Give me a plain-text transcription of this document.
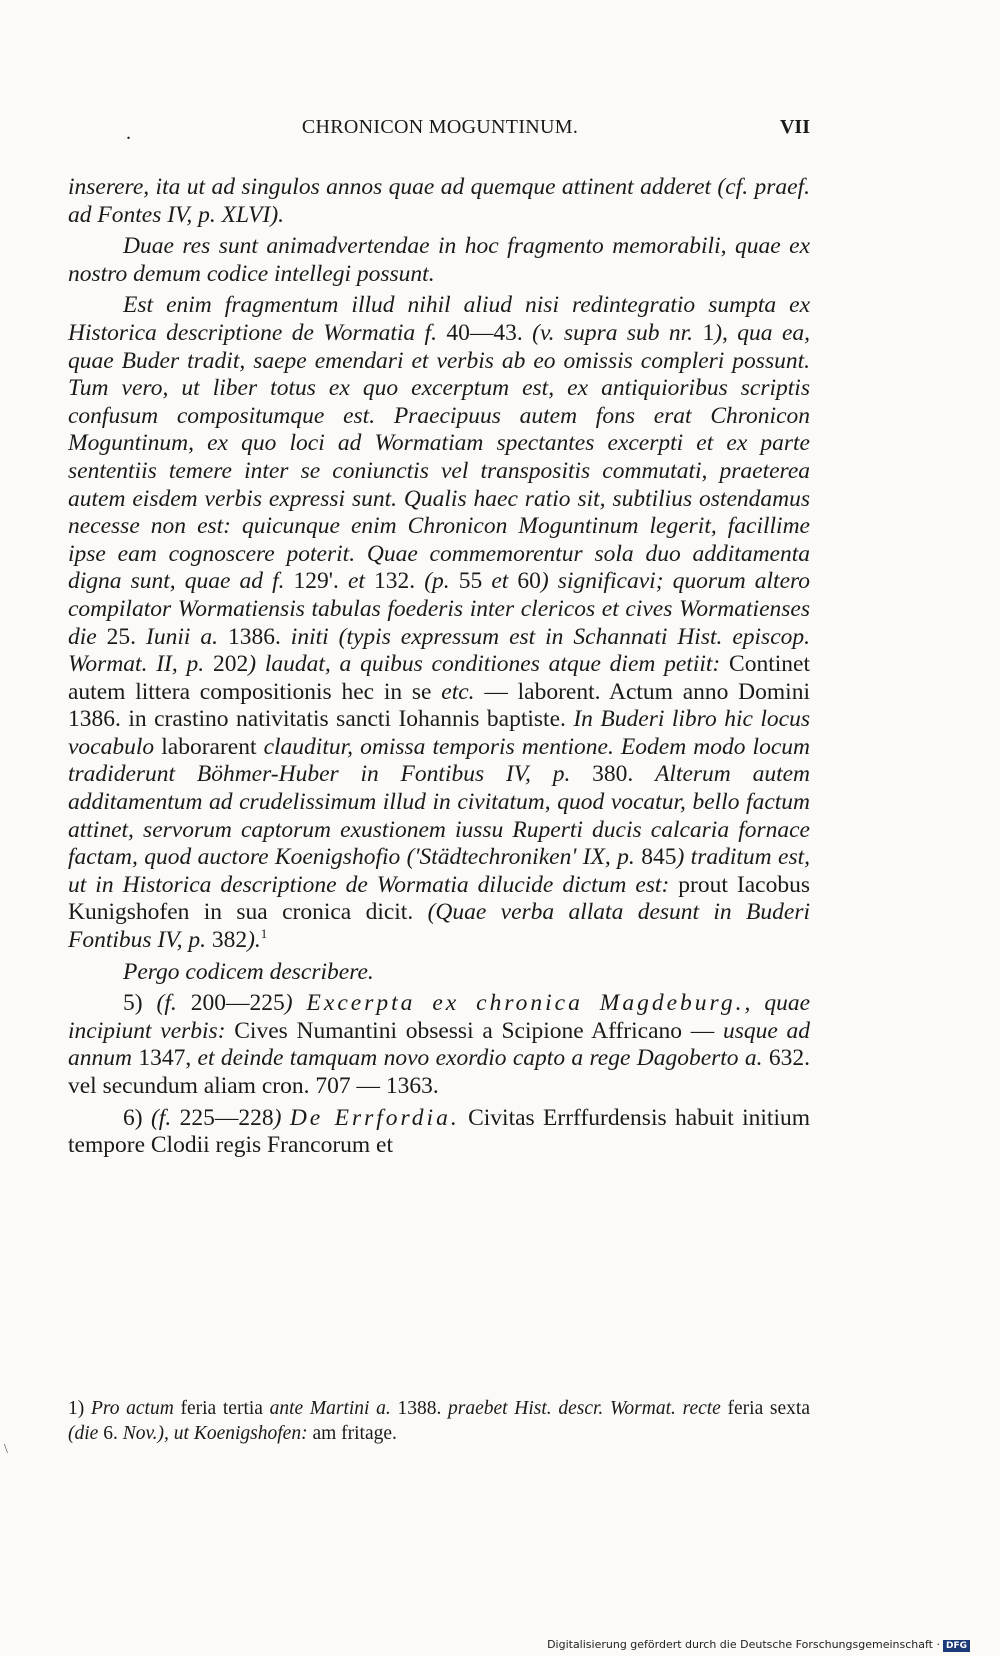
.	CHRONICON MOGUNTINUM.	VII

inserere, ita ut ad singulos annos quae ad quemque attinent adderet (cf. praef. ad Fontes IV, p. XLVI).

Duae res sunt animadvertendae in hoc fragmento memorabili, quae ex nostro demum codice intellegi possunt.

Est enim fragmentum illud nihil aliud nisi redintegratio sumpta ex Historica descriptione de Wormatia f. 40—43. (v. supra sub nr. 1), qua ea, quae Buder tradit, saepe emendari et verbis ab eo omissis compleri possunt. Tum vero, ut liber totus ex quo excerptum est, ex antiquioribus scriptis confusum compositumque est. Praecipuus autem fons erat Chronicon Moguntinum, ex quo loci ad Wormatiam spectantes excerpti et ex parte sententiis temere inter se coniunctis vel transpositis commutati, praeterea autem eisdem verbis expressi sunt. Qualis haec ratio sit, subtilius ostendamus necesse non est: quicunque enim Chronicon Moguntinum legerit, facillime ipse eam cognoscere poterit. Quae commemorentur sola duo additamenta digna sunt, quae ad f. 129'. et 132. (p. 55 et 60) significavi; quorum altero compilator Wormatiensis tabulas foederis inter clericos et cives Wormatienses die 25. Iunii a. 1386. initi (typis expressum est in Schannati Hist. episcop. Wormat. II, p. 202) laudat, a quibus conditiones atque diem petiit: Continet autem littera compositionis hec in se etc. — laborent. Actum anno Domini 1386. in crastino nativitatis sancti Iohannis baptiste. In Buderi libro hic locus vocabulo laborarent clauditur, omissa temporis mentione. Eodem modo locum tradiderunt Böhmer-Huber in Fontibus IV, p. 380. Alterum autem additamentum ad crudelissimum illud in civitatum, quod vocatur, bello factum attinet, servorum captorum exustionem iussu Ruperti ducis calcaria fornace factam, quod auctore Koenigshofio ('Städtechroniken' IX, p. 845) traditum est, ut in Historica descriptione de Wormatia dilucide dictum est: prout Iacobus Kunigshofen in sua cronica dicit. (Quae verba allata desunt in Buderi Fontibus IV, p. 382).$^1$

Pergo codicem describere.

5) (f. 200—225) Excerpta ex chronica Magdeburg., quae incipiunt verbis: Cives Numantini obsessi a Scipione Affricano — usque ad annum 1347, et deinde tamquam novo exordio capto a rege Dagoberto a. 632. vel secundum aliam cron. 707 — 1363.

6) (f. 225—228) De Errfordia. Civitas Errffurdensis habuit initium tempore Clodii regis Francorum et

1) Pro actum feria tertia ante Martini a. 1388. praebet Hist. descr. Wormat. recte feria sexta (die 6. Nov.), ut Koenigshofen: am fritage.

\
Digitalisierung gefördert durch die Deutsche Forschungsgemeinschaft · DFG
